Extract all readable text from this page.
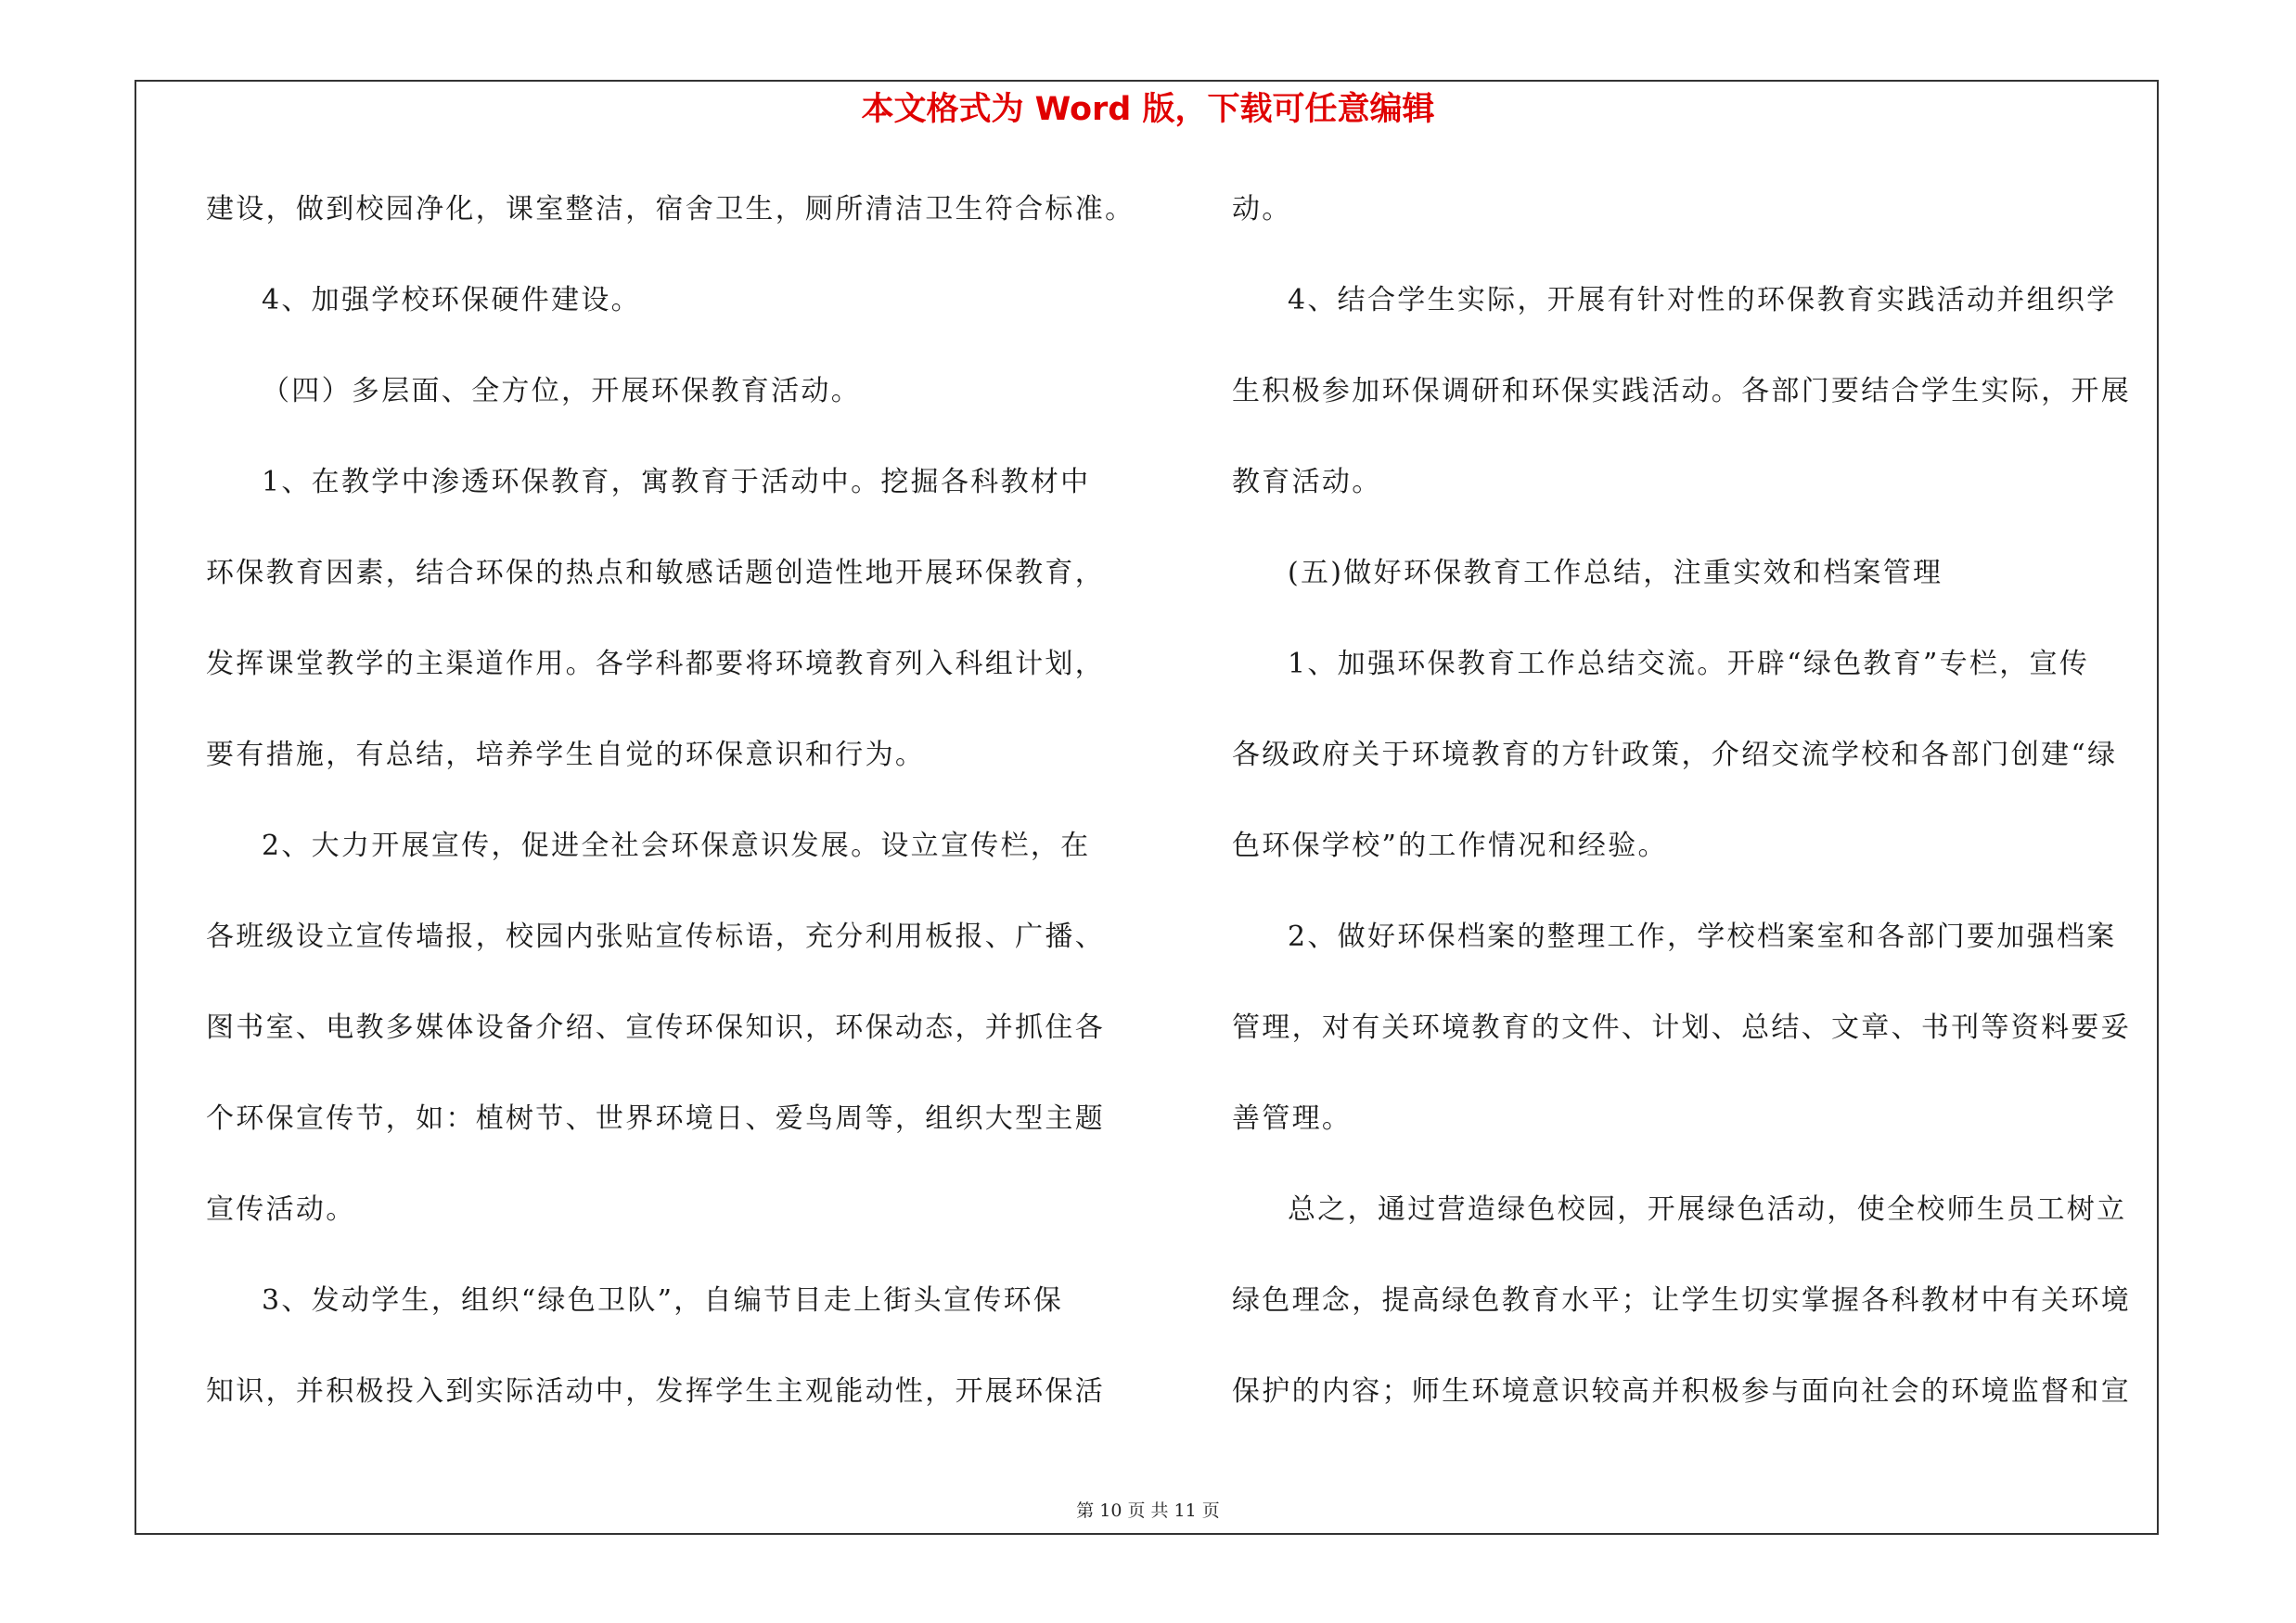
本文格式为 Word 版，下载可任意编辑
建设，做到校园净化，课室整洁，宿舍卫生，厕所清洁卫生符合标准。
4、加强学校环保硬件建设。
（四）多层面、全方位，开展环保教育活动。
1、在教学中渗透环保教育，寓教育于活动中。挖掘各科教材中
环保教育因素，结合环保的热点和敏感话题创造性地开展环保教育，
发挥课堂教学的主渠道作用。各学科都要将环境教育列入科组计划，
要有措施，有总结，培养学生自觉的环保意识和行为。
2、大力开展宣传，促进全社会环保意识发展。设立宣传栏，在
各班级设立宣传墙报，校园内张贴宣传标语，充分利用板报、广播、
图书室、电教多媒体设备介绍、宣传环保知识，环保动态，并抓住各
个环保宣传节，如：植树节、世界环境日、爱鸟周等，组织大型主题
宣传活动。
3、发动学生，组织“绿色卫队”，自编节目走上街头宣传环保
知识，并积极投入到实际活动中，发挥学生主观能动性，开展环保活
动。
4、结合学生实际，开展有针对性的环保教育实践活动并组织学
生积极参加环保调研和环保实践活动。各部门要结合学生实际，开展
教育活动。
(五)做好环保教育工作总结，注重实效和档案管理
1、加强环保教育工作总结交流。开辟“绿色教育”专栏，宣传
各级政府关于环境教育的方针政策，介绍交流学校和各部门创建“绿
色环保学校”的工作情况和经验。
2、做好环保档案的整理工作，学校档案室和各部门要加强档案
管理，对有关环境教育的文件、计划、总结、文章、书刊等资料要妥
善管理。
总之，通过营造绿色校园，开展绿色活动，使全校师生员工树立
绿色理念，提高绿色教育水平；让学生切实掌握各科教材中有关环境
保护的内容；师生环境意识较高并积极参与面向社会的环境监督和宣
第 10 页 共 11 页
